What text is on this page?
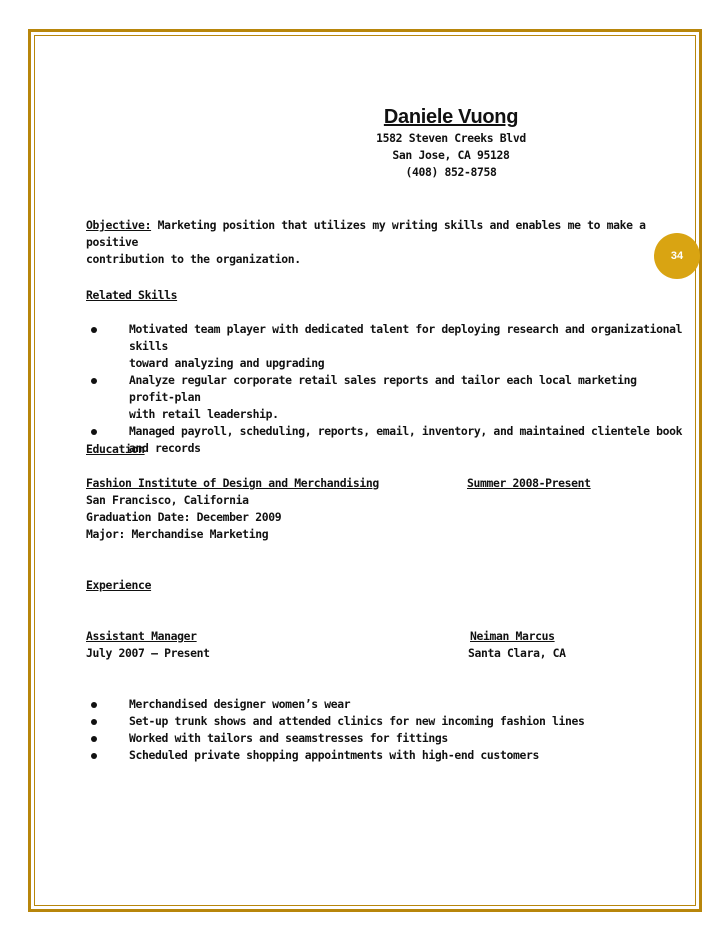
34
Daniele Vuong
1582 Steven Creeks Blvd
San Jose, CA 95128
(408) 852-8758
Objective: Marketing position that utilizes my writing skills and enables me to make a positive
contribution to the organization.
Related Skills
Motivated team player with dedicated talent for deploying research and organizational skills
toward analyzing and upgrading
Analyze regular corporate retail sales reports and tailor each local marketing profit-plan
with retail leadership.
Managed payroll, scheduling, reports, email, inventory, and maintained clientele book and records
Education
Fashion Institute of Design and Merchandising	Summer 2008-Present
San Francisco, California
Graduation Date: December 2009
Major: Merchandise Marketing
Experience
Assistant Manager	Neiman Marcus
July 2007 – Present	Santa Clara, CA
Merchandised designer women’s wear
Set-up trunk shows and attended clinics for new incoming fashion lines
Worked with tailors and seamstresses for fittings
Scheduled private shopping appointments with high-end customers
